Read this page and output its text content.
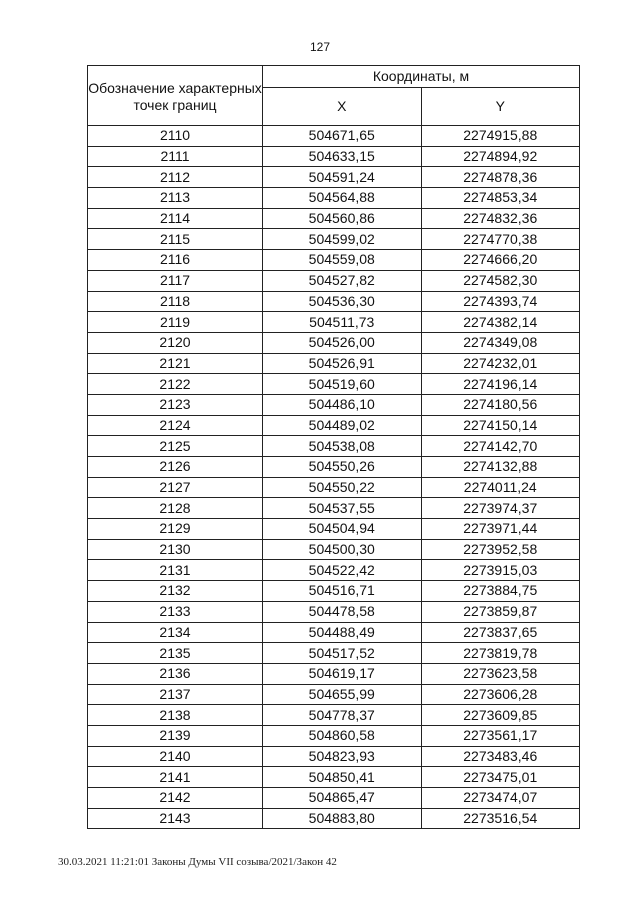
127
Обозначение характерных точек границ	Координаты, м	
	X	Y
2110	504671,65	2274915,88
2111	504633,15	2274894,92
2112	504591,24	2274878,36
2113	504564,88	2274853,34
2114	504560,86	2274832,36
2115	504599,02	2274770,38
2116	504559,08	2274666,20
2117	504527,82	2274582,30
2118	504536,30	2274393,74
2119	504511,73	2274382,14
2120	504526,00	2274349,08
2121	504526,91	2274232,01
2122	504519,60	2274196,14
2123	504486,10	2274180,56
2124	504489,02	2274150,14
2125	504538,08	2274142,70
2126	504550,26	2274132,88
2127	504550,22	2274011,24
2128	504537,55	2273974,37
2129	504504,94	2273971,44
2130	504500,30	2273952,58
2131	504522,42	2273915,03
2132	504516,71	2273884,75
2133	504478,58	2273859,87
2134	504488,49	2273837,65
2135	504517,52	2273819,78
2136	504619,17	2273623,58
2137	504655,99	2273606,28
2138	504778,37	2273609,85
2139	504860,58	2273561,17
2140	504823,93	2273483,46
2141	504850,41	2273475,01
2142	504865,47	2273474,07
2143	504883,80	2273516,54
30.03.2021 11:21:01 Законы Думы VII созыва/2021/Закон 42
